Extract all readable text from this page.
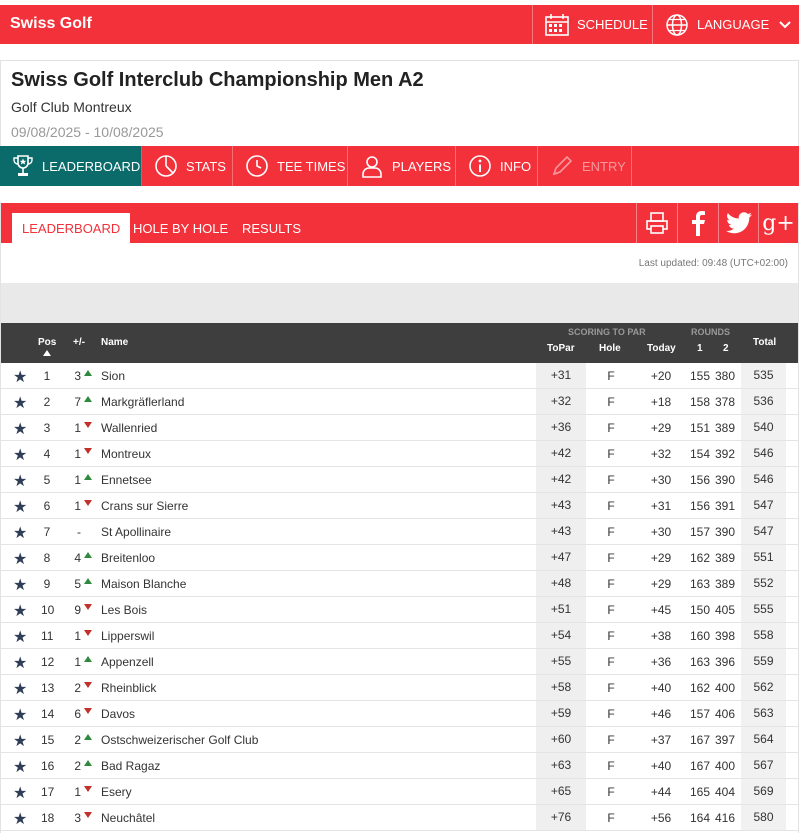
Swiss Golf	SCHEDULE	LANGUAGE
Swiss Golf Interclub Championship Men A2
Golf Club Montreux
09/08/2025 - 10/08/2025
LEADERBOARD	STATS	TEE TIMES	PLAYERS	INFO	ENTRY
LEADERBOARD HOLE BY HOLE	RESULTS	g+
Last updated: 09:48 (UTC+02:00)
Pos +/- Name
SCORING TO PAR
ToPar Hole	Today
ROUNDS
1 2
Total
★ 1	3 Sion	+31	F	+20	155 380	535
★ 2	7 Markgräflerland	+32	F	+18	158 378	536
★ 3	1 Wallenried	+36	F	+29	151 389	540
★ 4	1 Montreux	+42	F	+32	154 392	546
★ 5	1 Ennetsee	+42	F	+30	156 390	546
★ 6	1 Crans sur Sierre	+43	F	+31	156 391	547
★ 7	- St Apollinaire	+43	F	+30	157 390	547
★ 8	4 Breitenloo	+47	F	+29	162 389	551
★ 9	5 Maison Blanche	+48	F	+29	163 389	552
★ 10	9 Les Bois	+51	F	+45	150 405	555
★ 11	1 Lipperswil	+54	F	+38	160 398	558
★ 12	1 Appenzell	+55	F	+36	163 396	559
★ 13	2 Rheinblick	+58	F	+40	162 400	562
★ 14	6 Davos	+59	F	+46	157 406	563
★ 15	2 Ostschweizerischer Golf Club	+60	F	+37	167 397	564
★ 16	2 Bad Ragaz	+63	F	+40	167 400	567
★ 17	1 Esery	+65	F	+44	165 404	569
★ 18	3 Neuchâtel	+76	F	+56	164 416	580
